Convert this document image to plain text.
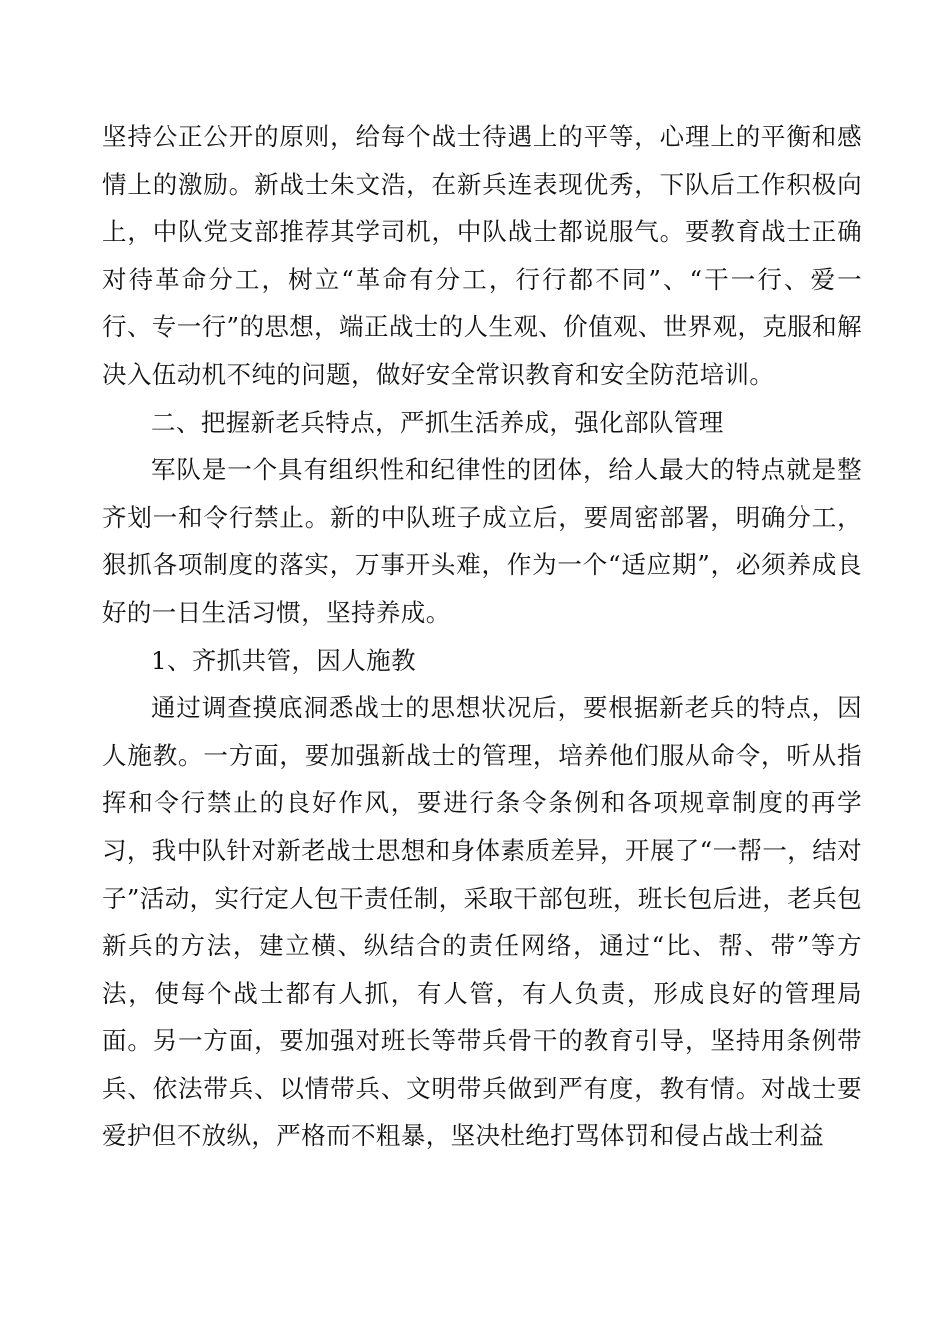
坚持公正公开的原则，给每个战士待遇上的平等，心理上的平衡和感情上的激励。新战士朱文浩，在新兵连表现优秀，下队后工作积极向上，中队党支部推荐其学司机，中队战士都说服气。要教育战士正确对待革命分工，树立“革命有分工，行行都不同”、“干一行、爱一行、专一行”的思想，端正战士的人生观、价值观、世界观，克服和解决入伍动机不纯的问题，做好安全常识教育和安全防范培训。

二、把握新老兵特点，严抓生活养成，强化部队管理

军队是一个具有组织性和纪律性的团体，给人最大的特点就是整齐划一和令行禁止。新的中队班子成立后，要周密部署，明确分工，狠抓各项制度的落实，万事开头难，作为一个“适应期”，必须养成良好的一日生活习惯，坚持养成。

1、齐抓共管，因人施教

通过调查摸底洞悉战士的思想状况后，要根据新老兵的特点，因人施教。一方面，要加强新战士的管理，培养他们服从命令，听从指挥和令行禁止的良好作风，要进行条令条例和各项规章制度的再学习，我中队针对新老战士思想和身体素质差异，开展了“一帮一，结对子”活动，实行定人包干责任制，采取干部包班，班长包后进，老兵包新兵的方法，建立横、纵结合的责任网络，通过“比、帮、带”等方法，使每个战士都有人抓，有人管，有人负责，形成良好的管理局面。另一方面，要加强对班长等带兵骨干的教育引导，坚持用条例带兵、依法带兵、以情带兵、文明带兵做到严有度，教有情。对战士要爱护但不放纵，严格而不粗暴，坚决杜绝打骂体罚和侵占战士利益
